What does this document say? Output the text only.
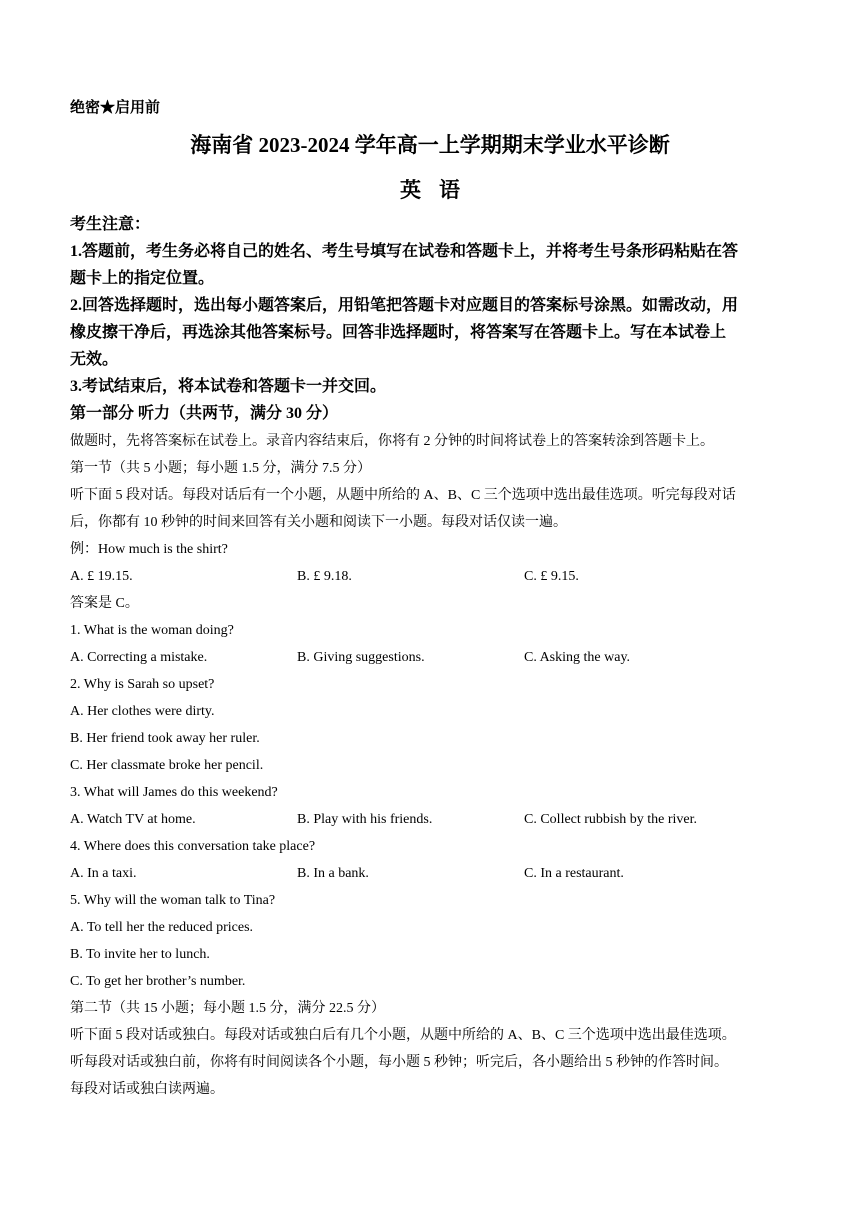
绝密★启用前
海南省 2023-2024 学年高一上学期期末学业水平诊断
英语
考生注意：
1.答题前，考生务必将自己的姓名、考生号填写在试卷和答题卡上，并将考生号条形码粘贴在答
题卡上的指定位置。
2.回答选择题时，选出每小题答案后，用铅笔把答题卡对应题目的答案标号涂黑。如需改动，用
橡皮擦干净后，再选涂其他答案标号。回答非选择题时，将答案写在答题卡上。写在本试卷上
无效。
3.考试结束后，将本试卷和答题卡一并交回。
第一部分 听力（共两节，满分 30 分）
做题时，先将答案标在试卷上。录音内容结束后，你将有 2 分钟的时间将试卷上的答案转涂到答题卡上。
第一节（共 5 小题；每小题 1.5 分，满分 7.5 分）
听下面 5 段对话。每段对话后有一个小题，从题中所给的 A、B、C 三个选项中选出最佳选项。听完每段对话
后，你都有 10 秒钟的时间来回答有关小题和阅读下一小题。每段对话仅读一遍。
例：How much is the shirt?
A. £ 19.15.	B. £ 9.18.	C. £ 9.15.
答案是 C。
1. What is the woman doing?
A. Correcting a mistake.	B. Giving suggestions.	C. Asking the way.
2. Why is Sarah so upset?
A. Her clothes were dirty.
B. Her friend took away her ruler.
C. Her classmate broke her pencil.
3. What will James do this weekend?
A. Watch TV at home.	B. Play with his friends.	C. Collect rubbish by the river.
4. Where does this conversation take place?
A. In a taxi.	B. In a bank.	C. In a restaurant.
5. Why will the woman talk to Tina?
A. To tell her the reduced prices.
B. To invite her to lunch.
C. To get her brother’s number.
第二节（共 15 小题；每小题 1.5 分，满分 22.5 分）
听下面 5 段对话或独白。每段对话或独白后有几个小题，从题中所给的 A、B、C 三个选项中选出最佳选项。
听每段对话或独白前，你将有时间阅读各个小题，每小题 5 秒钟；听完后，各小题给出 5 秒钟的作答时间。
每段对话或独白读两遍。
